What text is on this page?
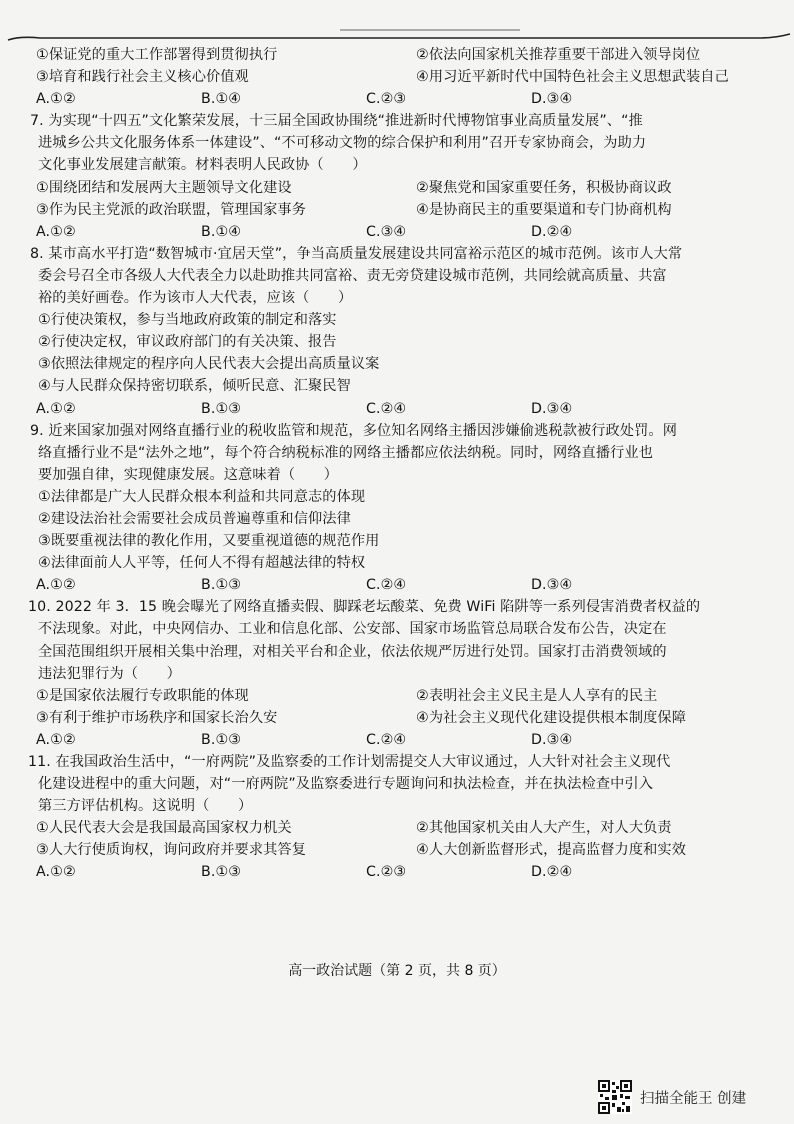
①保证党的重大工作部署得到贯彻执行	②依法向国家机关推荐重要干部进入领导岗位
③培育和践行社会主义核心价值观	④用习近平新时代中国特色社会主义思想武装自己
A.①②	B.①④	C.②③	D.③④
7. 为实现“十四五”文化繁荣发展，十三届全国政协围绕“推进新时代博物馆事业高质量发展”、“推
进城乡公共文化服务体系一体建设”、“不可移动文物的综合保护和利用”召开专家协商会，为助力
文化事业发展建言献策。材料表明人民政协（　　）
①围绕团结和发展两大主题领导文化建设	②聚焦党和国家重要任务，积极协商议政
③作为民主党派的政治联盟，管理国家事务	④是协商民主的重要渠道和专门协商机构
A.①②	B.①④	C.③④	D.②④
8. 某市高水平打造“数智城市·宜居天堂”，争当高质量发展建设共同富裕示范区的城市范例。该市人大常
委会号召全市各级人大代表全力以赴助推共同富裕、责无旁贷建设城市范例，共同绘就高质量、共富
裕的美好画卷。作为该市人大代表，应该（　　）
①行使决策权，参与当地政府政策的制定和落实
②行使决定权，审议政府部门的有关决策、报告
③依照法律规定的程序向人民代表大会提出高质量议案
④与人民群众保持密切联系，倾听民意、汇聚民智
A.①②	B.①③	C.②④	D.③④
9. 近来国家加强对网络直播行业的税收监管和规范，多位知名网络主播因涉嫌偷逃税款被行政处罚。网
络直播行业不是“法外之地”，每个符合纳税标准的网络主播都应依法纳税。同时，网络直播行业也
要加强自律，实现健康发展。这意味着（　　）
①法律都是广大人民群众根本利益和共同意志的体现
②建设法治社会需要社会成员普遍尊重和信仰法律
③既要重视法律的教化作用，又要重视道德的规范作用
④法律面前人人平等，任何人不得有超越法律的特权
A.①②	B.①③	C.②④	D.③④
10. 2022 年 3．15 晚会曝光了网络直播卖假、脚踩老坛酸菜、免费 WiFi 陷阱等一系列侵害消费者权益的
不法现象。对此，中央网信办、工业和信息化部、公安部、国家市场监管总局联合发布公告，决定在
全国范围组织开展相关集中治理，对相关平台和企业，依法依规严厉进行处罚。国家打击消费领域的
违法犯罪行为（　　）
①是国家依法履行专政职能的体现	②表明社会主义民主是人人享有的民主
③有利于维护市场秩序和国家长治久安	④为社会主义现代化建设提供根本制度保障
A.①②	B.①③	C.②④	D.③④
11. 在我国政治生活中，“一府两院”及监察委的工作计划需提交人大审议通过，人大针对社会主义现代
化建设进程中的重大问题，对“一府两院”及监察委进行专题询问和执法检查，并在执法检查中引入
第三方评估机构。这说明（　　）
①人民代表大会是我国最高国家权力机关	②其他国家机关由人大产生，对人大负责
③人大行使质询权，询问政府并要求其答复	④人大创新监督形式，提高监督力度和实效
A.①②	B.①③	C.②③	D.②④
高一政治试题（第 2 页，共 8 页）
扫描全能王 创建
